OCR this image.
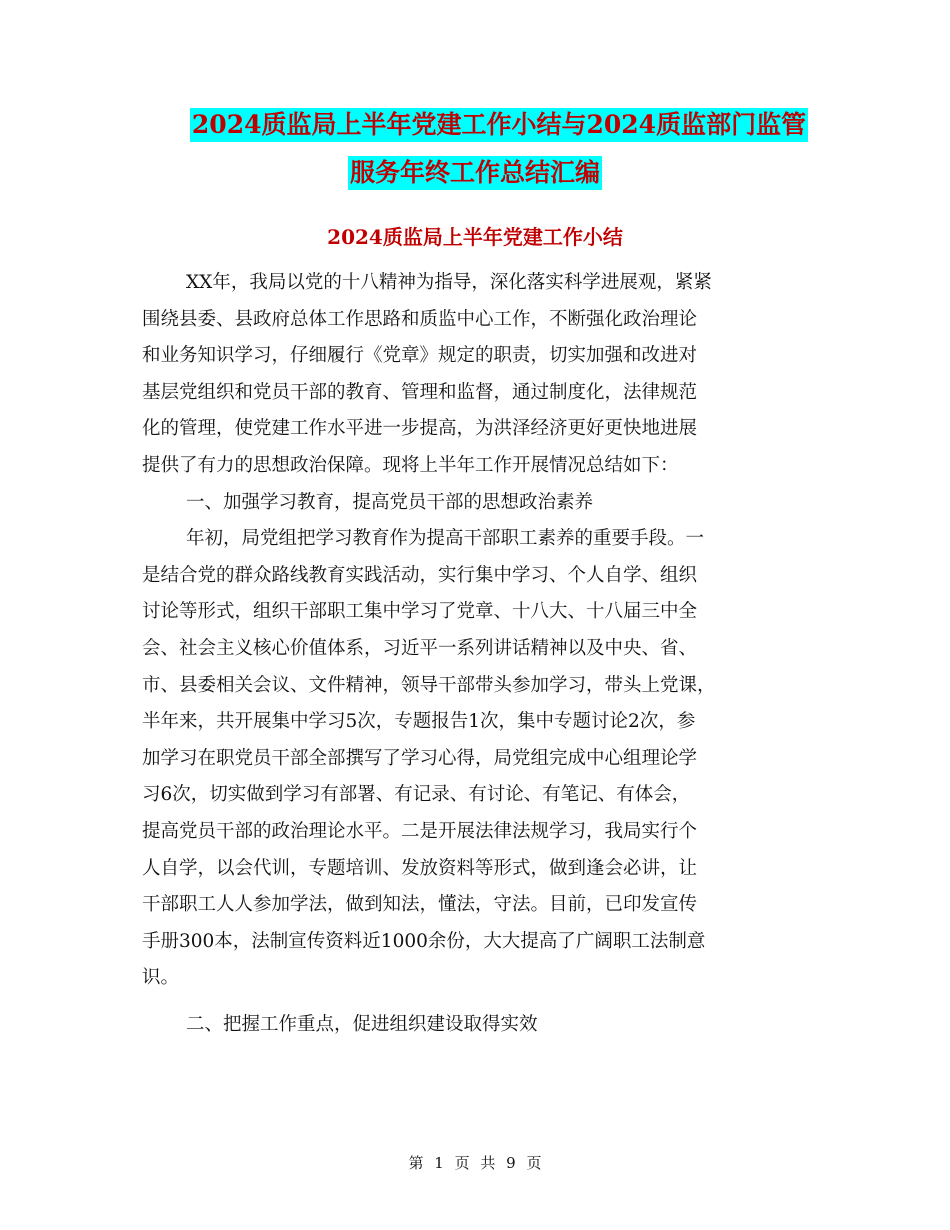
2024质监局上半年党建工作小结与2024质监部门监管
服务年终工作总结汇编
2024质监局上半年党建工作小结
XX年，我局以党的十八精神为指导，深化落实科学进展观，紧紧
围绕县委、县政府总体工作思路和质监中心工作，不断强化政治理论
和业务知识学习，仔细履行《党章》规定的职责，切实加强和改进对
基层党组织和党员干部的教育、管理和监督，通过制度化，法律规范
化的管理，使党建工作水平进一步提高，为洪泽经济更好更快地进展
提供了有力的思想政治保障。现将上半年工作开展情况总结如下：
一、加强学习教育，提高党员干部的思想政治素养
年初，局党组把学习教育作为提高干部职工素养的重要手段。一
是结合党的群众路线教育实践活动，实行集中学习、个人自学、组织
讨论等形式，组织干部职工集中学习了党章、十八大、十八届三中全
会、社会主义核心价值体系，习近平一系列讲话精神以及中央、省、
市、县委相关会议、文件精神，领导干部带头参加学习，带头上党课，
半年来，共开展集中学习5次，专题报告1次，集中专题讨论2次，参
加学习在职党员干部全部撰写了学习心得，局党组完成中心组理论学
习6次，切实做到学习有部署、有记录、有讨论、有笔记、有体会，
提高党员干部的政治理论水平。二是开展法律法规学习，我局实行个
人自学，以会代训，专题培训、发放资料等形式，做到逢会必讲，让
干部职工人人参加学法，做到知法，懂法，守法。目前，已印发宣传
手册300本，法制宣传资料近1000余份，大大提高了广阔职工法制意
识。
二、把握工作重点，促进组织建设取得实效
第 1 页 共 9 页
